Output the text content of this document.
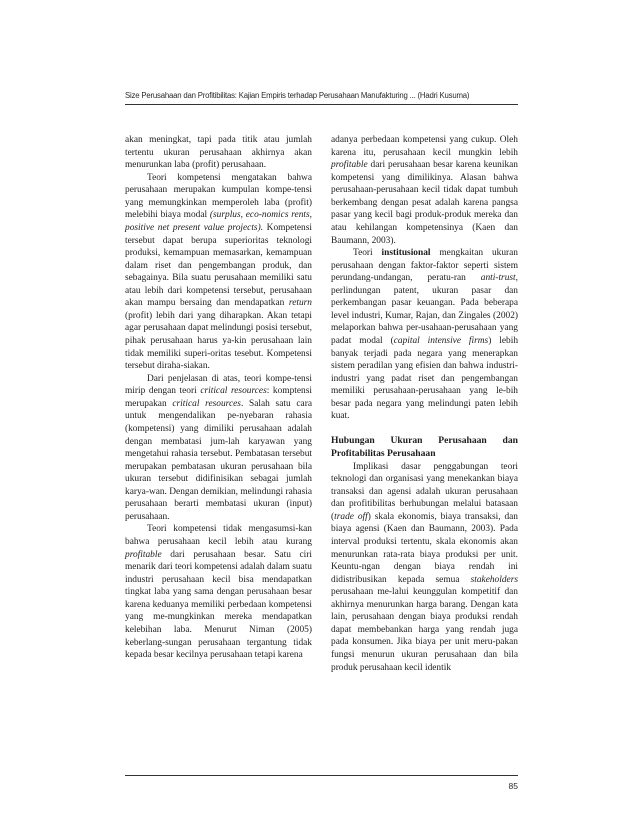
Size Perusahaan dan Profitibilitas: Kajian Empiris terhadap Perusahaan Manufakturing ... (Hadri Kusuma)

akan meningkat, tapi pada titik atau jumlah tertentu ukuran perusahaan akhirnya akan menurunkan laba (profit) perusahaan.

Teori kompetensi mengatakan bahwa perusahaan merupakan kumpulan kompe-tensi yang memungkinkan memperoleh laba (profit) melebihi biaya modal (surplus, eco-nomics rents, positive net present value projects). Kompetensi tersebut dapat berupa superioritas teknologi produksi, kemampuan memasarkan, kemampuan dalam riset dan pengembangan produk, dan sebagainya. Bila suatu perusahaan memiliki satu atau lebih dari kompetensi tersebut, perusahaan akan mampu bersaing dan mendapatkan return (profit) lebih dari yang diharapkan. Akan tetapi agar perusahaan dapat melindungi posisi tersebut, pihak perusahaan harus ya-kin perusahaan lain tidak memiliki superi-oritas tesebut. Kompetensi tersebut diraha-siakan.

Dari penjelasan di atas, teori kompe-tensi mirip dengan teori critical resources: komptensi merupakan critical resources. Salah satu cara untuk mengendalikan pe-nyebaran rahasia (kompetensi) yang dimiliki perusahaan adalah dengan membatasi jum-lah karyawan yang mengetahui rahasia tersebut. Pembatasan tersebut merupakan pembatasan ukuran perusahaan bila ukuran tersebut didifinisikan sebagai jumlah karya-wan. Dengan demikian, melindungi rahasia perusahaan berarti membatasi ukuran (input) perusahaan.

Teori kompetensi tidak mengasumsi-kan bahwa perusahaan kecil lebih atau kurang profitable dari perusahaan besar. Satu ciri menarik dari teori kompetensi adalah dalam suatu industri perusahaan kecil bisa mendapatkan tingkat laba yang sama dengan perusahaan besar karena keduanya memiliki perbedaan kompetensi yang me-mungkinkan mereka mendapatkan kelebihan laba. Menurut Niman (2005) keberlang-sungan perusahaan tergantung tidak kepada besar kecilnya perusahaan tetapi karena

adanya perbedaan kompetensi yang cukup. Oleh karena itu, perusahaan kecil mungkin lebih profitable dari perusahaan besar karena keunikan kompetensi yang dimilikinya. Alasan bahwa perusahaan-perusahaan kecil tidak dapat tumbuh berkembang dengan pesat adalah karena pangsa pasar yang kecil bagi produk-produk mereka dan atau kehilangan kompetensinya (Kaen dan Baumann, 2003).

Teori institusional mengkaitan ukuran perusahaan dengan faktor-faktor seperti sistem perundang-undangan, peratu-ran anti-trust, perlindungan patent, ukuran pasar dan perkembangan pasar keuangan. Pada beberapa level industri, Kumar, Rajan, dan Zingales (2002) melaporkan bahwa per-usahaan-perusahaan yang padat modal (capital intensive firms) lebih banyak terjadi pada negara yang menerapkan sistem peradilan yang efisien dan bahwa industri-industri yang padat riset dan pengembangan memiliki perusahaan-perusahaan yang le-bih besar pada negara yang melindungi paten lebih kuat.

Hubungan Ukuran Perusahaan dan Profitabilitas Perusahaan

Implikasi dasar penggabungan teori teknologi dan organisasi yang menekankan biaya transaksi dan agensi adalah ukuran perusahaan dan profitibilitas berhubungan melalui batasaan (trade off) skala ekonomis, biaya transaksi, dan biaya agensi (Kaen dan Baumann, 2003). Pada interval produksi tertentu, skala ekonomis akan menurunkan rata-rata biaya produksi per unit. Keuntu-ngan dengan biaya rendah ini didistribusikan kepada semua stakeholders perusahaan me-lalui keunggulan kompetitif dan akhirnya menurunkan harga barang. Dengan kata lain, perusahaan dengan biaya produksi rendah dapat membebankan harga yang rendah juga pada konsumen. Jika biaya per unit meru-pakan fungsi menurun ukuran perusahaan dan bila produk perusahaan kecil identik

85
